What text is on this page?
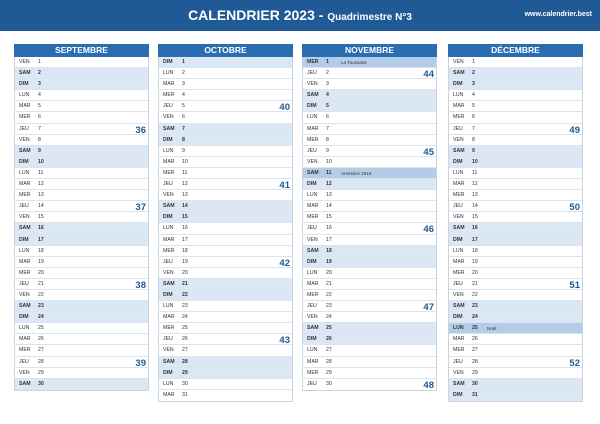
CALENDRIER 2023 - Quadrimestre N°3	www.calendrier.best
SEPTEMBRE
VEN 1
SAM 2
DIM 3
LUN 4
MAR 5
MER 6
JEU 7	36
VEN 8
SAM 9
DIM 10
LUN 11
MAR 12
MER 13
JEU 14	37
VEN 15
SAM 16
DIM 17
LUN 18
MAR 19
MER 20
JEU 21	38
VEN 22
SAM 23
DIM 24
LUN 25
MAR 26
MER 27
JEU 28	39
VEN 29
SAM 30
OCTOBRE
DIM 1
LUN 2
MAR 3
MER 4
JEU 5	40
VEN 6
SAM 7
DIM 8
LUN 9
MAR 10
MER 11
JEU 12	41
VEN 13
SAM 14
DIM 15
LUN 16
MAR 17
MER 18
JEU 19	42
VEN 20
SAM 21
DIM 22
LUN 23
MAR 24
MER 25
JEU 26	43
VEN 27
SAM 28
DIM 29
LUN 30
MAR 31
NOVEMBRE
MER 1	La Toussaint
JEU 2	44
VEN 3
SAM 4
DIM 5
LUN 6
MAR 7
MER 8
JEU 9	45
VEN 10
SAM 11 Armistice 1918
DIM 12
LUN 13
MAR 14
MER 15
JEU 16	46
VEN 17
SAM 18
DIM 19
LUN 20
MAR 21
MER 22
JEU 23	47
VEN 24
SAM 25
DIM 26
LUN 27
MAR 28
MER 29
JEU 30	48
DÉCEMBRE
VEN 1
SAM 2
DIM 3
LUN 4
MAR 5
MER 6
JEU 7	49
VEN 8
SAM 9
DIM 10
LUN 11
MAR 12
MER 13
JEU 14	50
VEN 15
SAM 16
DIM 17
LUN 18
MAR 19
MER 20
JEU 21	51
VEN 22
SAM 23
DIM 24
LUN 25 Noël
MAR 26
MER 27
JEU 28	52
VEN 29
SAM 30
DIM 31
